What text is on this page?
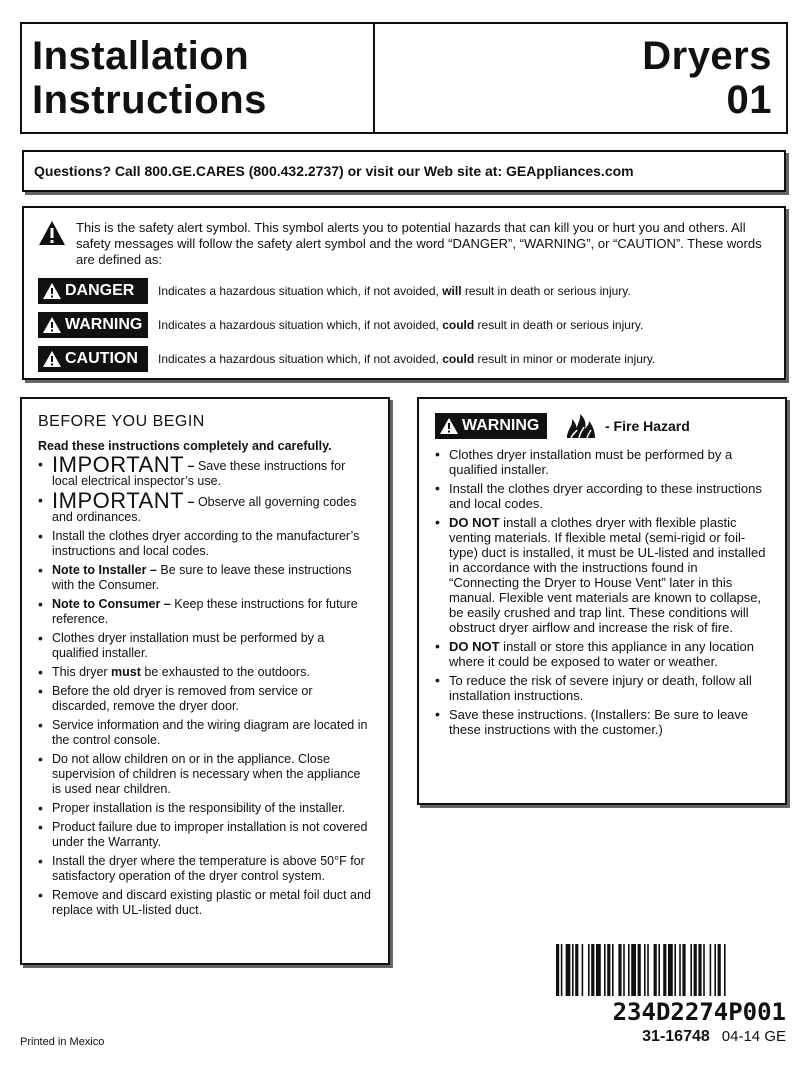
Installation
Instructions
Dryers
01
Questions? Call 800.GE.CARES (800.432.2737) or visit our Web site at: GEAppliances.com
This is the safety alert symbol. This symbol alerts you to potential hazards that can kill you or hurt you and others. All safety messages will follow the safety alert symbol and the word “DANGER”, “WARNING”, or “CAUTION”. These words are defined as:
DANGER Indicates a hazardous situation which, if not avoided, will result in death or serious injury.
WARNING Indicates a hazardous situation which, if not avoided, could result in death or serious injury.
CAUTION Indicates a hazardous situation which, if not avoided, could result in minor or moderate injury.
BEFORE YOU BEGIN
Read these instructions completely and carefully.
• IMPORTANT – Save these instructions for local electrical inspector’s use.
• IMPORTANT – Observe all governing codes and ordinances.
• Install the clothes dryer according to the manufacturer’s instructions and local codes.
• Note to Installer – Be sure to leave these instructions with the Consumer.
• Note to Consumer – Keep these instructions for future reference.
• Clothes dryer installation must be performed by a qualified installer.
• This dryer must be exhausted to the outdoors.
• Before the old dryer is removed from service or discarded, remove the dryer door.
• Service information and the wiring diagram are located in the control console.
• Do not allow children on or in the appliance. Close supervision of children is necessary when the appliance is used near children.
• Proper installation is the responsibility of the installer.
• Product failure due to improper installation is not covered under the Warranty.
• Install the dryer where the temperature is above 50°F for satisfactory operation of the dryer control system.
• Remove and discard existing plastic or metal foil duct and replace with UL-listed duct.
WARNING	- Fire Hazard
• Clothes dryer installation must be performed by a qualified installer.
• Install the clothes dryer according to these instructions and local codes.
• DO NOT install a clothes dryer with flexible plastic venting materials. If flexible metal (semi-rigid or foil-type) duct is installed, it must be UL-listed and installed in accordance with the instructions found in “Connecting the Dryer to House Vent” later in this manual. Flexible vent materials are known to collapse, be easily crushed and trap lint. These conditions will obstruct dryer airflow and increase the risk of fire.
• DO NOT install or store this appliance in any location where it could be exposed to water or weather.
• To reduce the risk of severe injury or death, follow all installation instructions.
• Save these instructions. (Installers: Be sure to leave these instructions with the customer.)
234D2274P001
31-16748 04-14 GE
Printed in Mexico
